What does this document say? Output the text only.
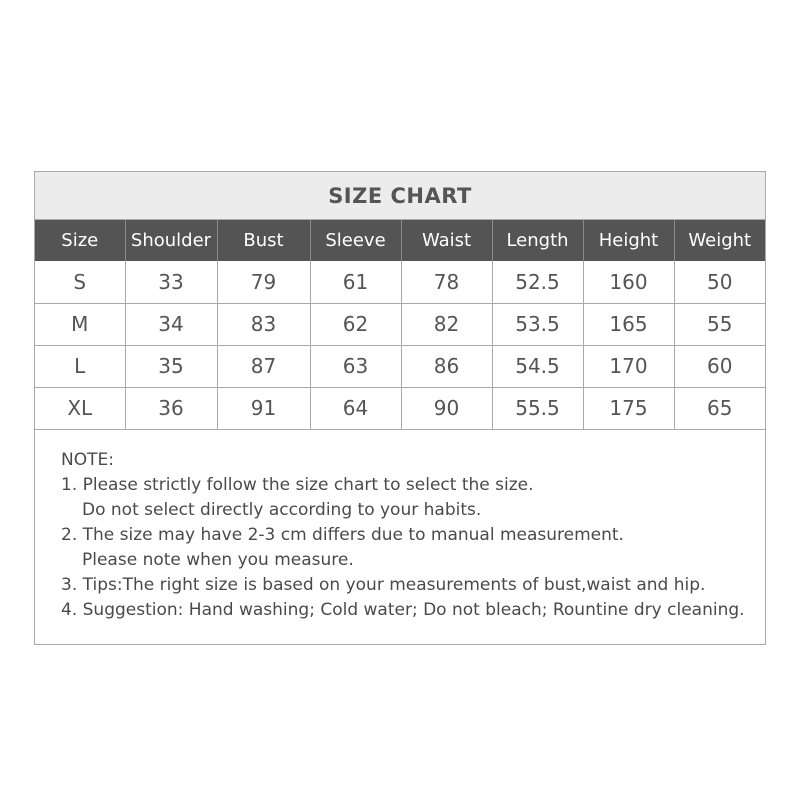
SIZE CHART
Size	Shoulder	Bust	Sleeve	Waist	Length	Height	Weight
S	33	79	61	78	52.5	160	50
M	34	83	62	82	53.5	165	55
L	35	87	63	86	54.5	170	60
XL	36	91	64	90	55.5	175	65
NOTE:
1. Please strictly follow the size chart to select the size.
Do not select directly according to your habits.
2. The size may have 2-3 cm differs due to manual measurement.
Please note when you measure.
3. Tips:The right size is based on your measurements of bust,waist and hip.
4. Suggestion: Hand washing; Cold water; Do not bleach; Rountine dry cleaning.
